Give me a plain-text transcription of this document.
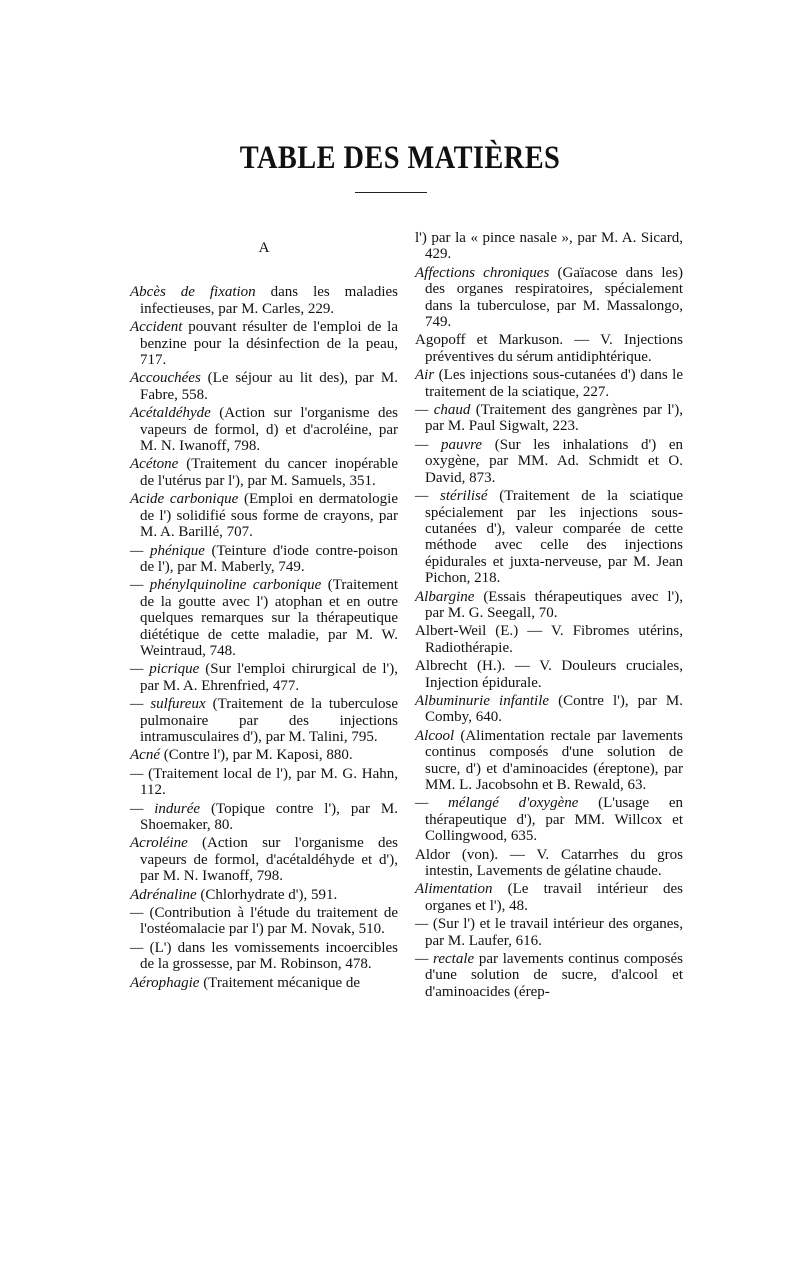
TABLE DES MATIÈRES
A

Abcès de fixation dans les maladies infectieuses, par M. Carles, 229.

Accident pouvant résulter de l'emploi de la benzine pour la désinfection de la peau, 717.

Accouchées (Le séjour au lit des), par M. Fabre, 558.

Acétaldéhyde (Action sur l'organisme des vapeurs de formol, d) et d'acroléine, par M. N. Iwanoff, 798.

Acétone (Traitement du cancer inopérable de l'utérus par l'), par M. Samuels, 351.

Acide carbonique (Emploi en dermatologie de l') solidifié sous forme de crayons, par M. A. Barillé, 707.

— phénique (Teinture d'iode contre-poison de l'), par M. Maberly, 749.

— phénylquinoline carbonique (Traitement de la goutte avec l') atophan et en outre quelques remarques sur la thérapeutique diététique de cette maladie, par M. W. Weintraud, 748.

— picrique (Sur l'emploi chirurgical de l'), par M. A. Ehrenfried, 477.

— sulfureux (Traitement de la tuberculose pulmonaire par des injections intramusculaires d'), par M. Talini, 795.

Acné (Contre l'), par M. Kaposi, 880.

— (Traitement local de l'), par M. G. Hahn, 112.

— indurée (Topique contre l'), par M. Shoemaker, 80.

Acroléine (Action sur l'organisme des vapeurs de formol, d'acétaldéhyde et d'), par M. N. Iwanoff, 798.

Adrénaline (Chlorhydrate d'), 591.

— (Contribution à l'étude du traitement de l'ostéomalacie par l') par M. Novak, 510.

— (L') dans les vomissements incoercibles de la grossesse, par M. Robinson, 478.

Aérophagie (Traitement mécanique de

l') par la « pince nasale », par M. A. Sicard, 429.

Affections chroniques (Gaïacose dans les) des organes respiratoires, spécialement dans la tuberculose, par M. Massalongo, 749.

Agopoff et Markuson. — V. Injections préventives du sérum antidiphtérique.

Air (Les injections sous-cutanées d') dans le traitement de la sciatique, 227.

— chaud (Traitement des gangrènes par l'), par M. Paul Sigwalt, 223.

— pauvre (Sur les inhalations d') en oxygène, par MM. Ad. Schmidt et O. David, 873.

— stérilisé (Traitement de la sciatique spécialement par les injections sous-cutanées d'), valeur comparée de cette méthode avec celle des injections épidurales et juxta-nerveuse, par M. Jean Pichon, 218.

Albargine (Essais thérapeutiques avec l'), par M. G. Seegall, 70.

Albert-Weil (E.) — V. Fibromes utérins, Radiothérapie.

Albrecht (H.). — V. Douleurs cruciales, Injection épidurale.

Albuminurie infantile (Contre l'), par M. Comby, 640.

Alcool (Alimentation rectale par lavements continus composés d'une solution de sucre, d') et d'aminoacides (éreptone), par MM. L. Jacobsohn et B. Rewald, 63.

— mélangé d'oxygène (L'usage en thérapeutique d'), par MM. Willcox et Collingwood, 635.

Aldor (von). — V. Catarrhes du gros intestin, Lavements de gélatine chaude.

Alimentation (Le travail intérieur des organes et l'), 48.

— (Sur l') et le travail intérieur des organes, par M. Laufer, 616.

— rectale par lavements continus composés d'une solution de sucre, d'alcool et d'aminoacides (érep-
